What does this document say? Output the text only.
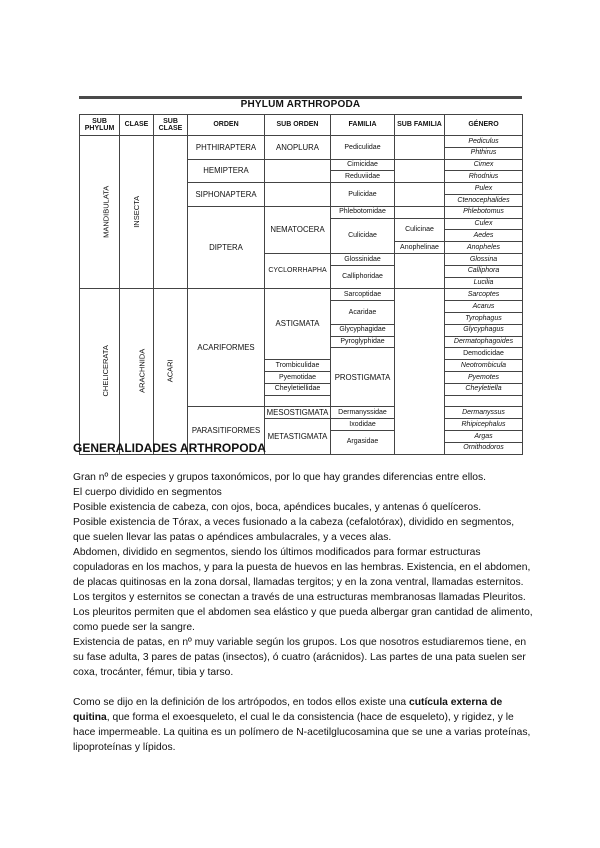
PHYLUM ARTHROPODA
SUB PHYLUM	CLASE	SUB CLASE	ORDEN	SUB ORDEN	FAMILIA	SUB FAMILIA	GÉNERO	
MANDIBULATA	INSECTA		PHTHIRAPTERA	ANOPLURA	Pediculidae		Pediculus	
							Phthirus	
			HEMIPTERA		Cimicidae		Cimex	
					Reduviidae		Rhodnius	
			SIPHONAPTERA		Pulicidae		Pulex	
							Ctenocephalides	
			DIPTERA	NEMATOCERA	Phlebotomidae		Phlebotomus	
					Culicidae	Culicinae	Culex	
							Aedes	
						Anophelinae	Anopheles	
				CYCLORRHAPHA	Glossinidae		Glossina	
					Calliphoridae		Calliphora	
							Lucilia	
CHELICERATA	ARACHNIDA	ACARI	ACARIFORMES	ASTIGMATA	Sarcoptidae		Sarcoptes	
					Acaridae		Acarus	
							Tyrophagus	
					Glycyphagidae		Glycyphagus	
					Pyroglyphidae		Dermatophagoides	
					PROSTIGMATA		Demodicidae	
				Trombiculidae			Neotrombicula	
				Pyemotidae			Pyemotes	
				Cheyletiellidae			Cheyletiella	

			PARASITIFORMES	MESOSTIGMATA	Dermanyssidae		Dermanyssus	
				METASTIGMATA	Ixodidae		Rhipicephalus	
					Argasidae		Argas	
							Ornithodoros	
GENERALIDADES ARTHROPODA

Gran nº de especies y grupos taxonómicos, por lo que hay grandes diferencias entre ellos.

El cuerpo dividido en segmentos

Posible existencia de cabeza, con ojos, boca, apéndices bucales, y antenas ó quelíceros.

Posible existencia de Tórax, a veces fusionado a la cabeza (cefalotórax), dividido en segmentos, que suelen llevar las patas o apéndices ambulacrales, y a veces alas.

Abdomen, dividido en segmentos, siendo los últimos modificados para formar estructuras copuladoras en los machos, y para la puesta de huevos en las hembras. Existencia, en el abdomen, de placas quitinosas en la zona dorsal, llamadas tergitos; y en la zona ventral, llamadas esternitos. Los tergitos y esternitos se conectan a través de una estructuras membranosas llamadas Pleuritos. Los pleuritos permiten que el abdomen sea elástico y que pueda albergar gran cantidad de alimento, como puede ser la sangre.

Existencia de patas, en nº muy variable según los grupos. Los que nosotros estudiaremos tiene, en su fase adulta, 3 pares de patas (insectos), ó cuatro (arácnidos). Las partes de una pata suelen ser coxa, trocánter, fémur, tibia y tarso.

Como se dijo en la definición de los artrópodos, en todos ellos existe una cutícula externa de quitina, que forma el exoesqueleto, el cual le da consistencia (hace de esqueleto), y rigidez, y le hace impermeable. La quitina es un polímero de N-acetilglucosamina que se une a varias proteínas, lipoproteínas y lípidos.
